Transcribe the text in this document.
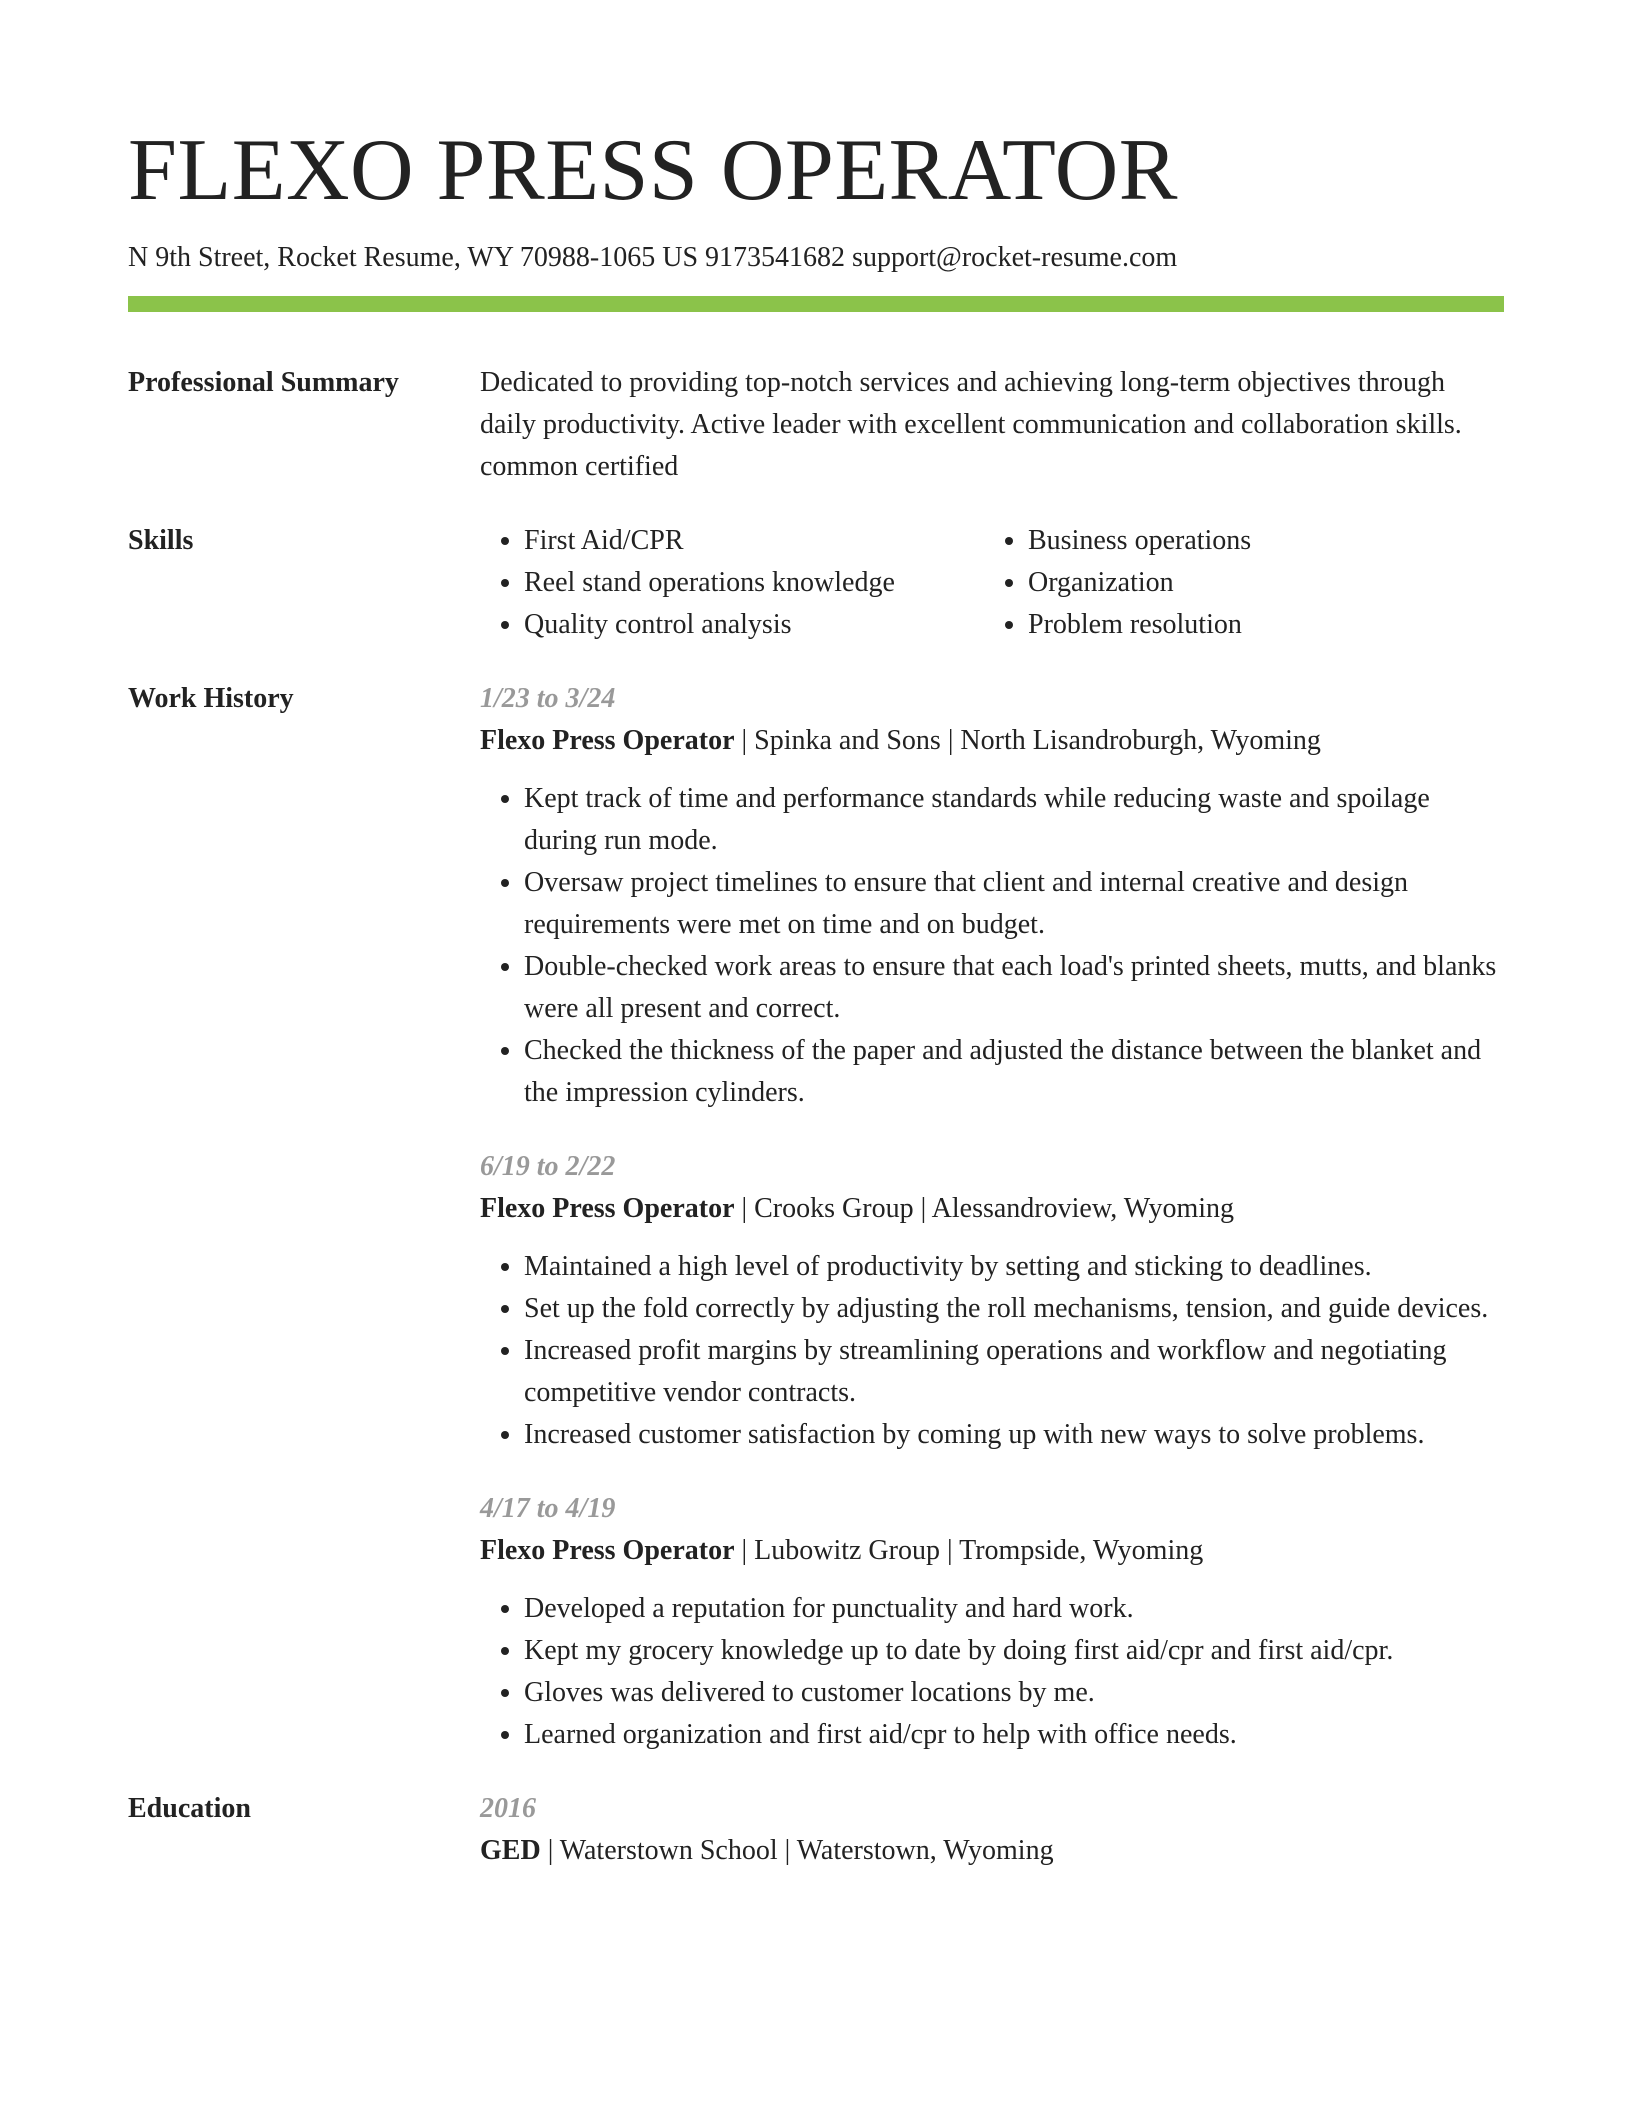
FLEXO PRESS OPERATOR
N 9th Street, Rocket Resume, WY 70988-1065 US 9173541682 support@rocket-resume.com
Professional Summary	Dedicated to providing top-notch services and achieving long-term objectives through daily productivity. Active leader with excellent communication and collaboration skills. common certified

Skills
•	First Aid/CPR
• Reel stand operations knowledge
• Quality control analysis
• Business operations
• Organization
• Problem resolution
Work History	1/23 to 3/24
Flexo Press Operator | Spinka and Sons | North Lisandroburgh, Wyoming
• Kept track of time and performance standards while reducing waste and spoilage during run mode.
• Oversaw project timelines to ensure that client and internal creative and design requirements were met on time and on budget.
• Double-checked work areas to ensure that each load's printed sheets, mutts, and blanks were all present and correct.
• Checked the thickness of the paper and adjusted the distance between the blanket and the impression cylinders.
6/19 to 2/22
Flexo Press Operator | Crooks Group | Alessandroview, Wyoming
• Maintained a high level of productivity by setting and sticking to deadlines.
• Set up the fold correctly by adjusting the roll mechanisms, tension, and guide devices.
• Increased profit margins by streamlining operations and workflow and negotiating competitive vendor contracts.
• Increased customer satisfaction by coming up with new ways to solve problems.
4/17 to 4/19
Flexo Press Operator | Lubowitz Group | Trompside, Wyoming
• Developed a reputation for punctuality and hard work.
• Kept my grocery knowledge up to date by doing first aid/cpr and first aid/cpr.
• Gloves was delivered to customer locations by me.
• Learned organization and first aid/cpr to help with office needs.
Education	2016
GED | Waterstown School | Waterstown, Wyoming
